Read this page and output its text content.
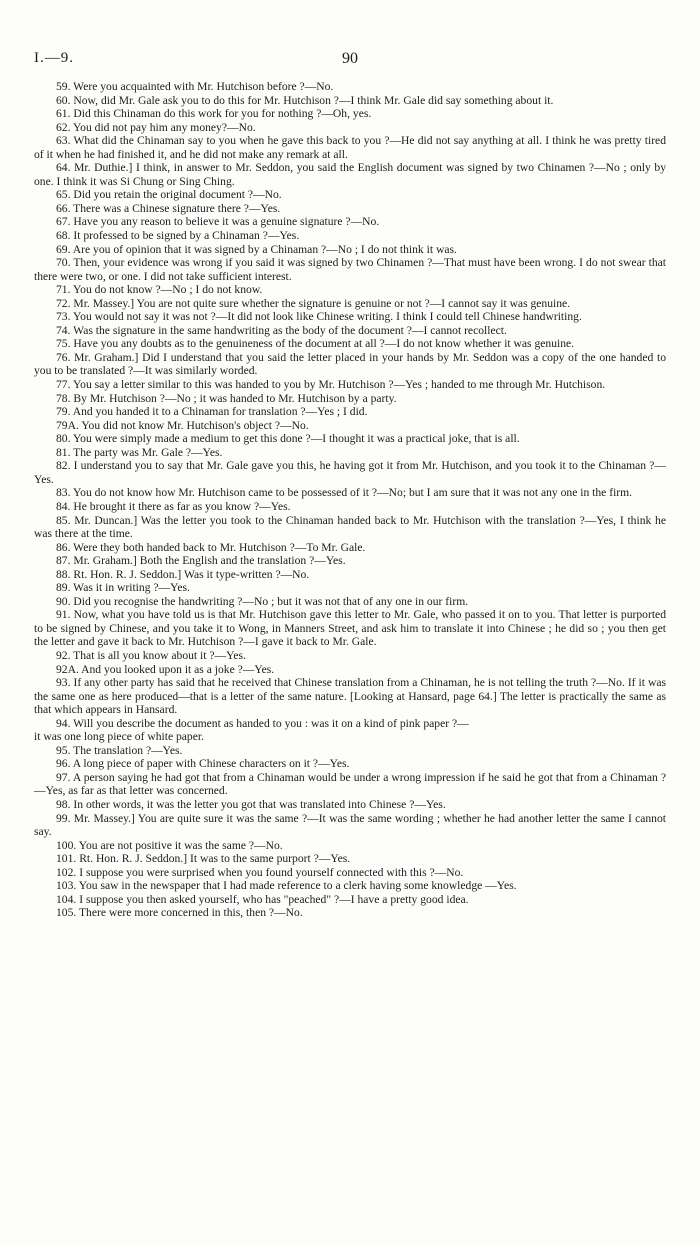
I.—9.	90

59. Were you acquainted with Mr. Hutchison before ?—No.

60. Now, did Mr. Gale ask you to do this for Mr. Hutchison ?—I think Mr. Gale did say something about it.

61. Did this Chinaman do this work for you for nothing ?—Oh, yes.

62. You did not pay him any money?—No.

63. What did the Chinaman say to you when he gave this back to you ?—He did not say anything at all. I think he was pretty tired of it when he had finished it, and he did not make any remark at all.

64. Mr. Duthie.] I think, in answer to Mr. Seddon, you said the English document was signed by two Chinamen ?—No ; only by one. I think it was Si Chung or Sing Ching.

65. Did you retain the original document ?—No.

66. There was a Chinese signature there ?—Yes.

67. Have you any reason to believe it was a genuine signature ?—No.

68. It professed to be signed by a Chinaman ?—Yes.

69. Are you of opinion that it was signed by a Chinaman ?—No ; I do not think it was.

70. Then, your evidence was wrong if you said it was signed by two Chinamen ?—That must have been wrong. I do not swear that there were two, or one. I did not take sufficient interest.

71. You do not know ?—No ; I do not know.

72. Mr. Massey.] You are not quite sure whether the signature is genuine or not ?—I cannot say it was genuine.

73. You would not say it was not ?—It did not look like Chinese writing. I think I could tell Chinese handwriting.

74. Was the signature in the same handwriting as the body of the document ?—I cannot recollect.

75. Have you any doubts as to the genuineness of the document at all ?—I do not know whether it was genuine.

76. Mr. Graham.] Did I understand that you said the letter placed in your hands by Mr. Seddon was a copy of the one handed to you to be translated ?—It was similarly worded.

77. You say a letter similar to this was handed to you by Mr. Hutchison ?—Yes ; handed to me through Mr. Hutchison.

78. By Mr. Hutchison ?—No ; it was handed to Mr. Hutchison by a party.

79. And you handed it to a Chinaman for translation ?—Yes ; I did.

79A. You did not know Mr. Hutchison's object ?—No.

80. You were simply made a medium to get this done ?—I thought it was a practical joke, that is all.

81. The party was Mr. Gale ?—Yes.

82. I understand you to say that Mr. Gale gave you this, he having got it from Mr. Hutchison, and you took it to the Chinaman ?—Yes.

83. You do not know how Mr. Hutchison came to be possessed of it ?—No; but I am sure that it was not any one in the firm.

84. He brought it there as far as you know ?—Yes.

85. Mr. Duncan.] Was the letter you took to the Chinaman handed back to Mr. Hutchison with the translation ?—Yes, I think he was there at the time.

86. Were they both handed back to Mr. Hutchison ?—To Mr. Gale.

87. Mr. Graham.] Both the English and the translation ?—Yes.

88. Rt. Hon. R. J. Seddon.] Was it type-written ?—No.

89. Was it in writing ?—Yes.

90. Did you recognise the handwriting ?—No ; but it was not that of any one in our firm.

91. Now, what you have told us is that Mr. Hutchison gave this letter to Mr. Gale, who passed it on to you. That letter is purported to be signed by Chinese, and you take it to Wong, in Manners Street, and ask him to translate it into Chinese ; he did so ; you then get the letter and gave it back to Mr. Hutchison ?—I gave it back to Mr. Gale.

92. That is all you know about it ?—Yes.

92A. And you looked upon it as a joke ?—Yes.

93. If any other party has said that he received that Chinese translation from a Chinaman, he is not telling the truth ?—No. If it was the same one as here produced—that is a letter of the same nature. [Looking at Hansard, page 64.] The letter is practically the same as that which appears in Hansard.

94. Will you describe the document as handed to you : was it on a kind of pink paper ?—

it was one long piece of white paper.

95. The translation ?—Yes.

96. A long piece of paper with Chinese characters on it ?—Yes.

97. A person saying he had got that from a Chinaman would be under a wrong impression if he said he got that from a Chinaman ?—Yes, as far as that letter was concerned.

98. In other words, it was the letter you got that was translated into Chinese ?—Yes.

99. Mr. Massey.] You are quite sure it was the same ?—It was the same wording ; whether he had another letter the same I cannot say.

100. You are not positive it was the same ?—No.

101. Rt. Hon. R. J. Seddon.] It was to the same purport ?—Yes.

102. I suppose you were surprised when you found yourself connected with this ?—No.

103. You saw in the newspaper that I had made reference to a clerk having some knowledge —Yes.

104. I suppose you then asked yourself, who has "peached" ?—I have a pretty good idea.

105. There were more concerned in this, then ?—No.
